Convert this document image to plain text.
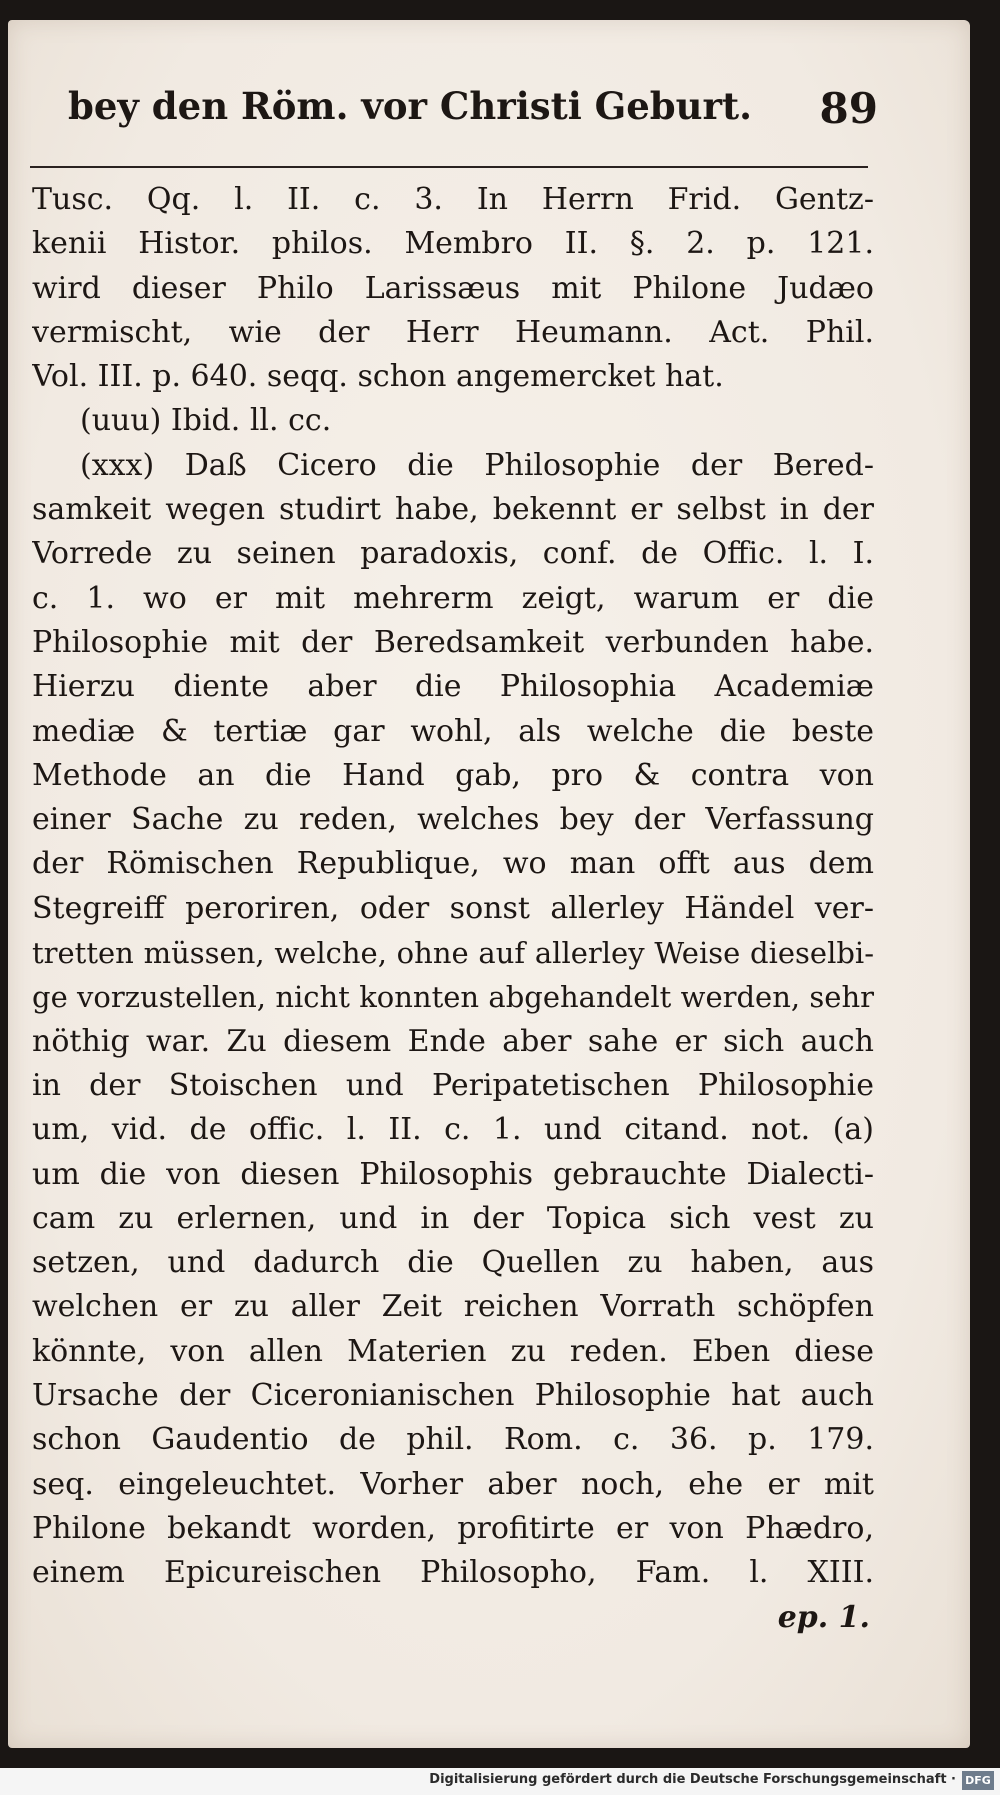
bey den Röm. vor Christi Geburt. 89
Tusc. Qq. l. II. c. 3. In Herrn Frid. Gentz-
kenii Histor. philos. Membro II. §. 2. p. 121.
wird dieser Philo Larissæus mit Philone Judæo
vermischt, wie der Herr Heumann. Act. Phil.
Vol. III. p. 640. seqq. schon angemercket hat.
(uuu) Ibid. ll. cc.
(xxx) Daß Cicero die Philosophie der Bered-
samkeit wegen studirt habe, bekennt er selbst in der
Vorrede zu seinen paradoxis, conf. de Offic. l. I.
c. 1. wo er mit mehrerm zeigt, warum er die
Philosophie mit der Beredsamkeit verbunden habe.
Hierzu diente aber die Philosophia Academiæ
mediæ & tertiæ gar wohl, als welche die beste
Methode an die Hand gab, pro & contra von
einer Sache zu reden, welches bey der Verfassung
der Römischen Republique, wo man offt aus dem
Stegreiff peroriren, oder sonst allerley Händel ver-
tretten müssen, welche, ohne auf allerley Weise dieselbi-
ge vorzustellen, nicht konnten abgehandelt werden, sehr
nöthig war. Zu diesem Ende aber sahe er sich auch
in der Stoischen und Peripatetischen Philosophie
um, vid. de offic. l. II. c. 1. und citand. not. (a)
um die von diesen Philosophis gebrauchte Dialecti-
cam zu erlernen, und in der Topica sich vest zu
setzen, und dadurch die Quellen zu haben, aus
welchen er zu aller Zeit reichen Vorrath schöpfen
könnte, von allen Materien zu reden. Eben diese
Ursache der Ciceronianischen Philosophie hat auch
schon Gaudentio de phil. Rom. c. 36. p. 179.
seq. eingeleuchtet. Vorher aber noch, ehe er mit
Philone bekandt worden, profitirte er von Phædro,
einem Epicureischen Philosopho, Fam. l. XIII.
ep. 1.
Digitalisierung gefördert durch die Deutsche Forschungsgemeinschaft · DFG
